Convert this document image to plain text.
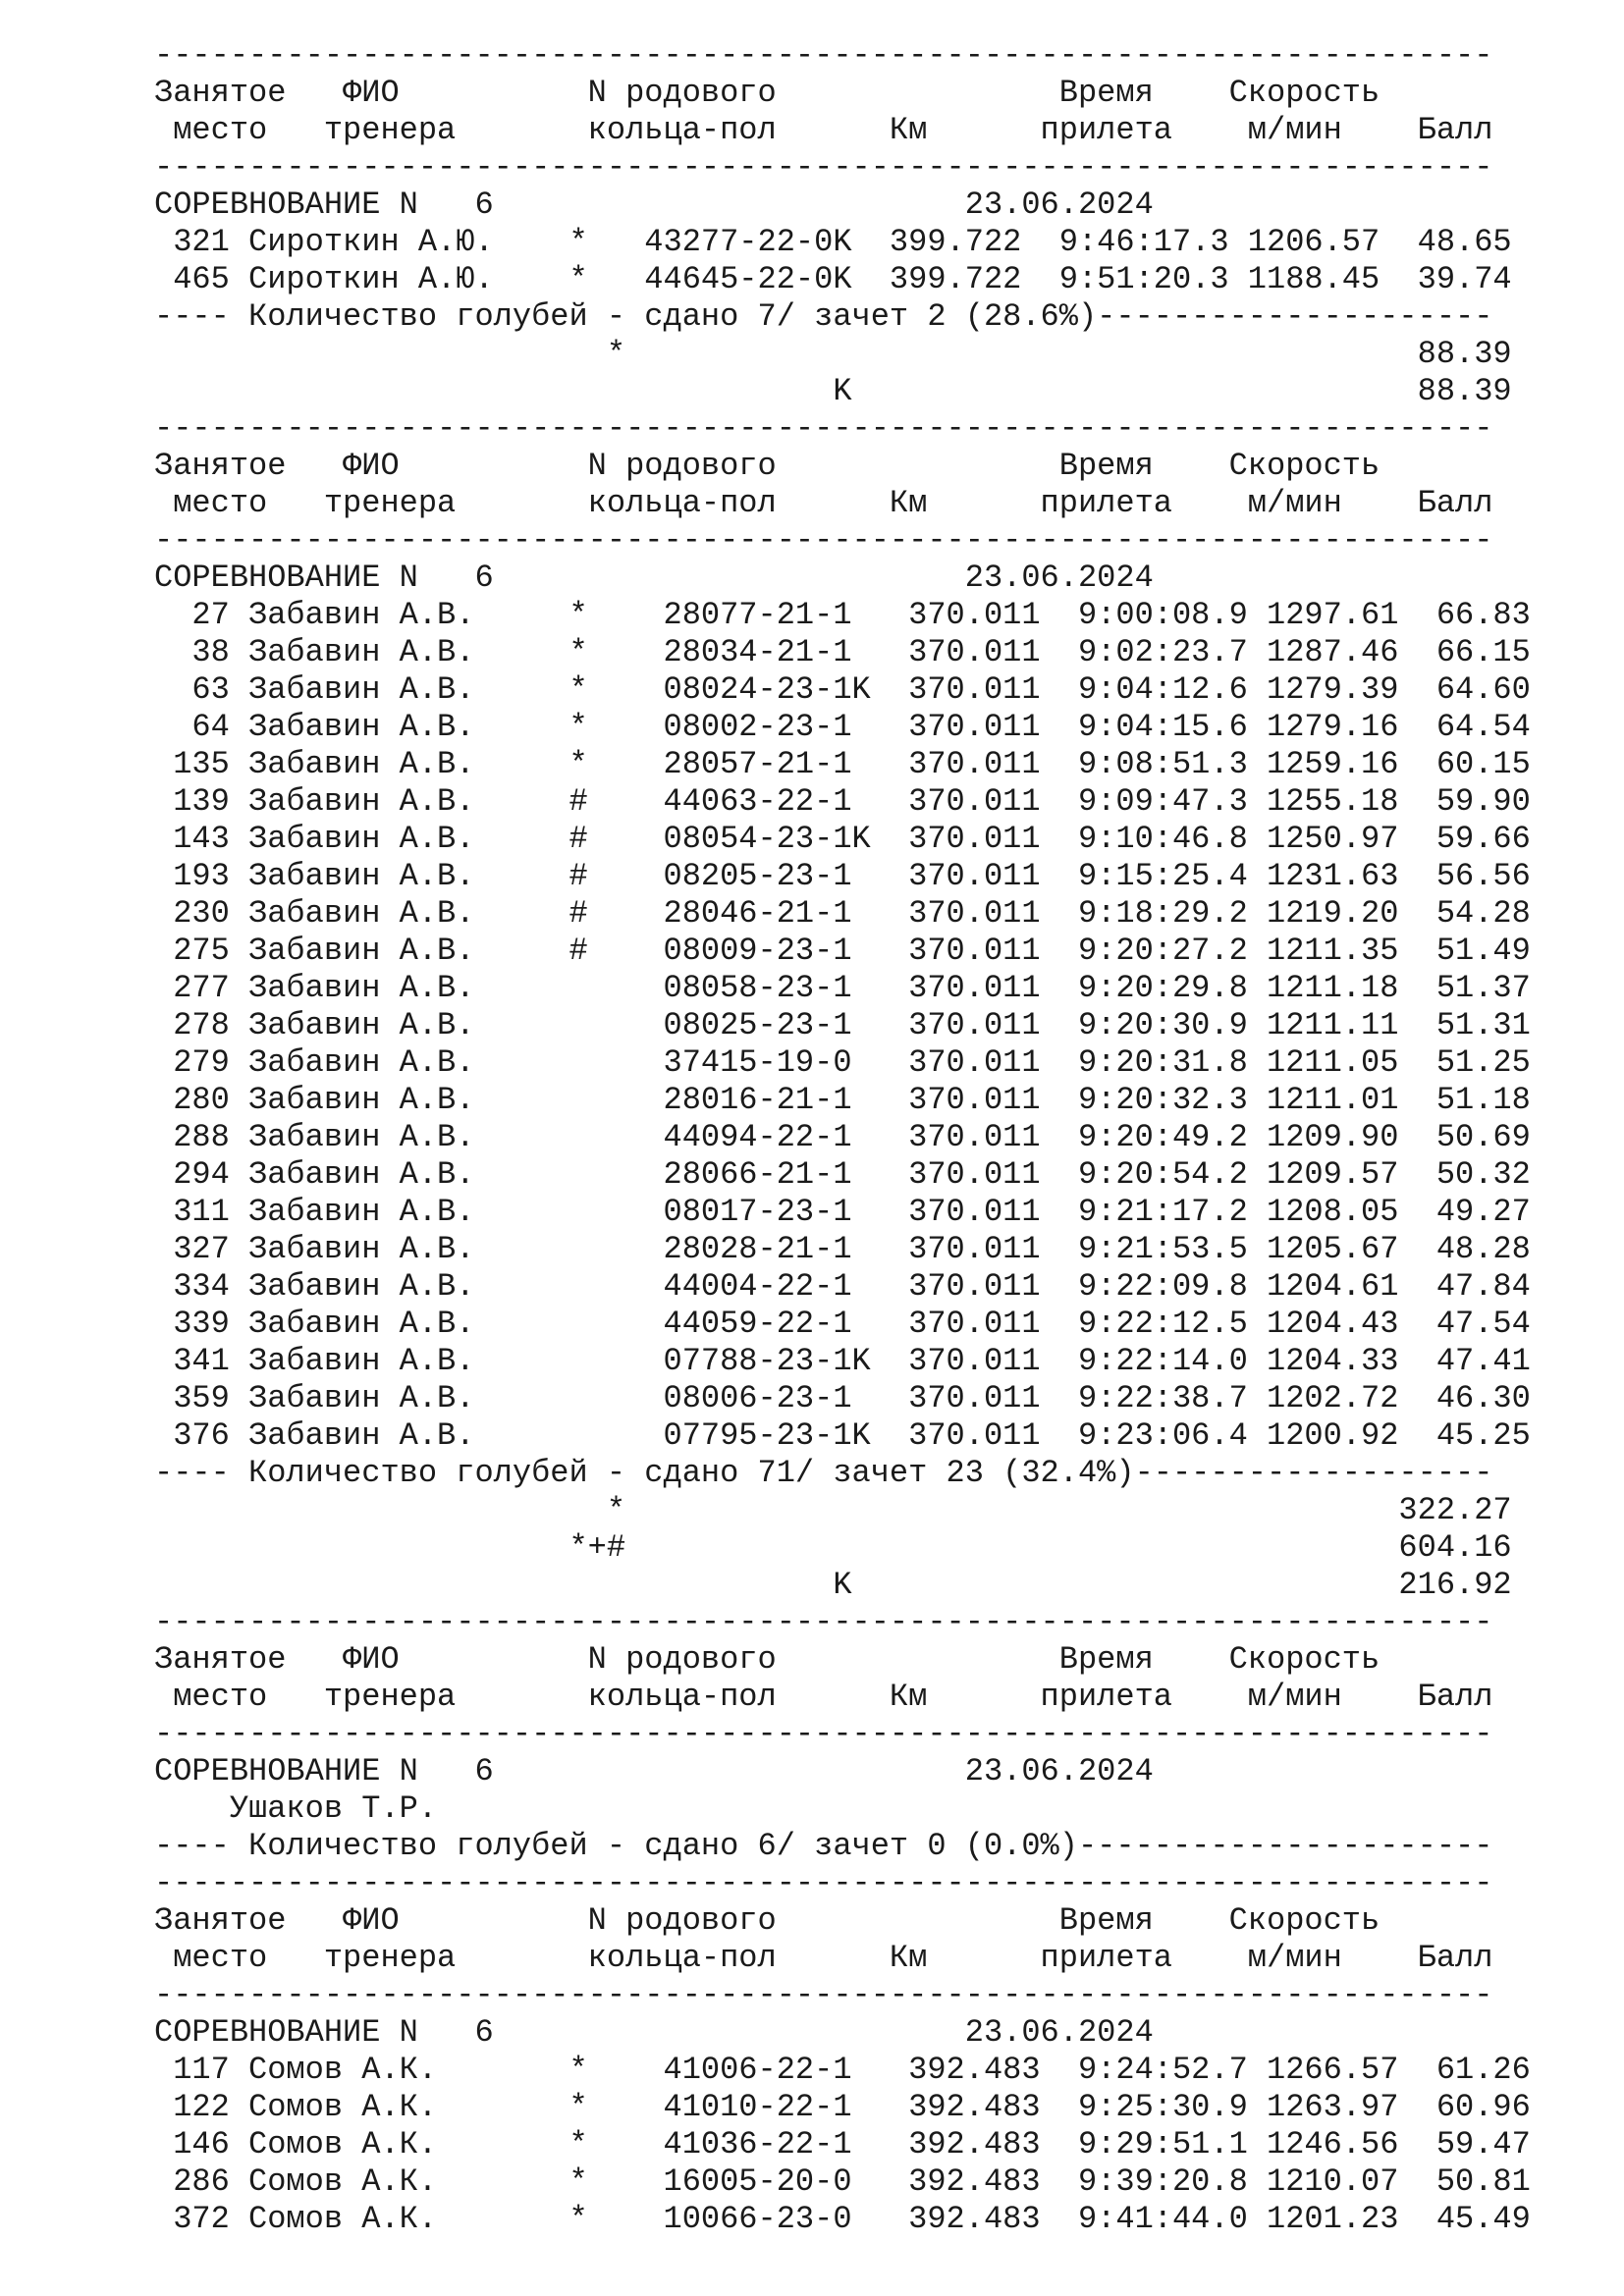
-----------------------------------------------------------------------
Занятое   ФИО          N родового               Время    Скорость
место   тренера       кольца-пол      Км      прилета    м/мин    Балл
-----------------------------------------------------------------------
СОРЕВНОВАНИЕ N   6                         23.06.2024
321 Сироткин А.Ю.    *   43277-22-0K  399.722  9:46:17.3 1206.57  48.65
465 Сироткин А.Ю.    *   44645-22-0K  399.722  9:51:20.3 1188.45  39.74
---- Количество голубей - сдано 7/ зачет 2 (28.6%)---------------------
*                                          88.39
K                              88.39
-----------------------------------------------------------------------
Занятое   ФИО          N родового               Время    Скорость
место   тренера       кольца-пол      Км      прилета    м/мин    Балл
-----------------------------------------------------------------------
СОРЕВНОВАНИЕ N   6                         23.06.2024
27 Забавин А.В.     *    28077-21-1   370.011  9:00:08.9 1297.61  66.83
38 Забавин А.В.     *    28034-21-1   370.011  9:02:23.7 1287.46  66.15
63 Забавин А.В.     *    08024-23-1K  370.011  9:04:12.6 1279.39  64.60
64 Забавин А.В.     *    08002-23-1   370.011  9:04:15.6 1279.16  64.54
135 Забавин А.В.     *    28057-21-1   370.011  9:08:51.3 1259.16  60.15
139 Забавин А.В.     #    44063-22-1   370.011  9:09:47.3 1255.18  59.90
143 Забавин А.В.     #    08054-23-1K  370.011  9:10:46.8 1250.97  59.66
193 Забавин А.В.     #    08205-23-1   370.011  9:15:25.4 1231.63  56.56
230 Забавин А.В.     #    28046-21-1   370.011  9:18:29.2 1219.20  54.28
275 Забавин А.В.     #    08009-23-1   370.011  9:20:27.2 1211.35  51.49
277 Забавин А.В.          08058-23-1   370.011  9:20:29.8 1211.18  51.37
278 Забавин А.В.          08025-23-1   370.011  9:20:30.9 1211.11  51.31
279 Забавин А.В.          37415-19-0   370.011  9:20:31.8 1211.05  51.25
280 Забавин А.В.          28016-21-1   370.011  9:20:32.3 1211.01  51.18
288 Забавин А.В.          44094-22-1   370.011  9:20:49.2 1209.90  50.69
294 Забавин А.В.          28066-21-1   370.011  9:20:54.2 1209.57  50.32
311 Забавин А.В.          08017-23-1   370.011  9:21:17.2 1208.05  49.27
327 Забавин А.В.          28028-21-1   370.011  9:21:53.5 1205.67  48.28
334 Забавин А.В.          44004-22-1   370.011  9:22:09.8 1204.61  47.84
339 Забавин А.В.          44059-22-1   370.011  9:22:12.5 1204.43  47.54
341 Забавин А.В.          07788-23-1K  370.011  9:22:14.0 1204.33  47.41
359 Забавин А.В.          08006-23-1   370.011  9:22:38.7 1202.72  46.30
376 Забавин А.В.          07795-23-1K  370.011  9:23:06.4 1200.92  45.25
---- Количество голубей - сдано 71/ зачет 23 (32.4%)-------------------
*                                         322.27
*+#                                         604.16
K                             216.92
-----------------------------------------------------------------------
Занятое   ФИО          N родового               Время    Скорость
место   тренера       кольца-пол      Км      прилета    м/мин    Балл
-----------------------------------------------------------------------
СОРЕВНОВАНИЕ N   6                         23.06.2024
Ушаков Т.Р.
---- Количество голубей - сдано 6/ зачет 0 (0.0%)----------------------
-----------------------------------------------------------------------
Занятое   ФИО          N родового               Время    Скорость
место   тренера       кольца-пол      Км      прилета    м/мин    Балл
-----------------------------------------------------------------------
СОРЕВНОВАНИЕ N   6                         23.06.2024
117 Сомов А.К.       *    41006-22-1   392.483  9:24:52.7 1266.57  61.26
122 Сомов А.К.       *    41010-22-1   392.483  9:25:30.9 1263.97  60.96
146 Сомов А.К.       *    41036-22-1   392.483  9:29:51.1 1246.56  59.47
286 Сомов А.К.       *    16005-20-0   392.483  9:39:20.8 1210.07  50.81
372 Сомов А.К.       *    10066-23-0   392.483  9:41:44.0 1201.23  45.49
